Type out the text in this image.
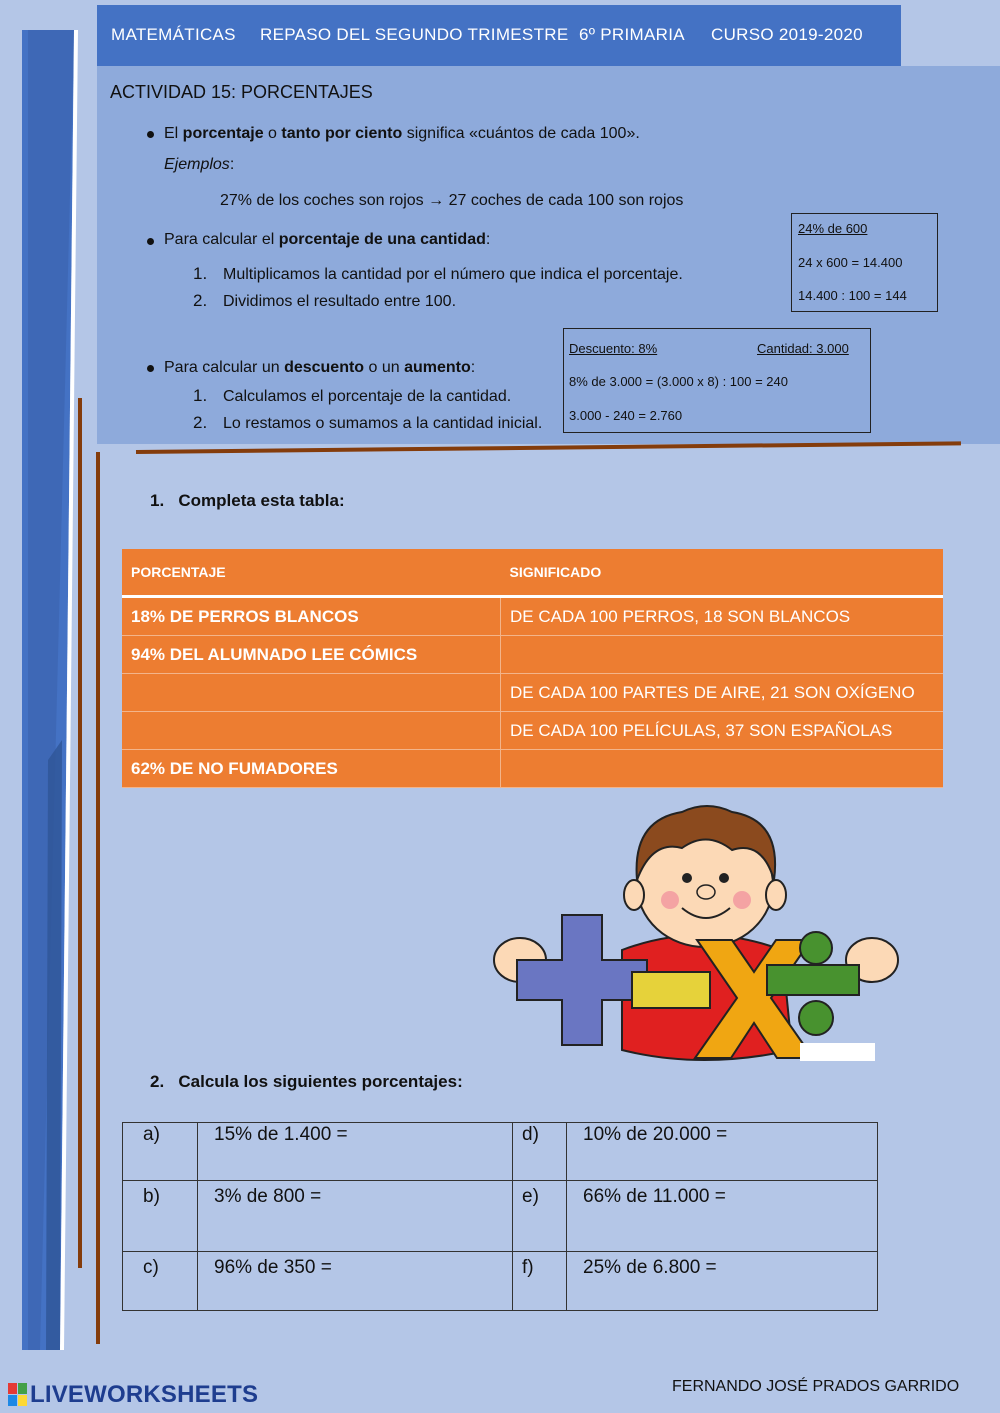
MATEMÁTICAS REPASO DEL SEGUNDO TRIMESTRE 6º PRIMARIA CURSO 2019-2020
ACTIVIDAD 15: PORCENTAJES
El porcentaje o tanto por ciento significa «cuántos de cada 100».
Ejemplos:
27% de los coches son rojos → 27 coches de cada 100 son rojos
Para calcular el porcentaje de una cantidad:
1. Multiplicamos la cantidad por el número que indica el porcentaje.
2. Dividimos el resultado entre 100.
24% de 600
24 x 600 = 14.400
14.400 : 100 = 144
Descuento: 8%	Cantidad: 3.000
8% de 3.000 = (3.000 x 8) : 100 = 240
3.000 - 240 = 2.760
Para calcular un descuento o un aumento:
1. Calculamos el porcentaje de la cantidad.
2. Lo restamos o sumamos a la cantidad inicial.
1. Completa esta tabla:
PORCENTAJE	SIGNIFICADO
18% DE PERROS BLANCOS	DE CADA 100 PERROS, 18 SON BLANCOS
94% DEL ALUMNADO LEE CÓMICS	
	DE CADA 100 PARTES DE AIRE, 21 SON OXÍGENO
	DE CADA 100 PELÍCULAS, 37 SON ESPAÑOLAS
62% DE NO FUMADORES	
2. Calcula los siguientes porcentajes:
a)	15% de 1.400 =	d)	10% de 20.000 =
b)	3% de 800 =	e)	66% de 11.000 =
c)	96% de 350 =	f)	25% de 6.800 =
LIVEWORKSHEETS	FERNANDO JOSÉ PRADOS GARRIDO
